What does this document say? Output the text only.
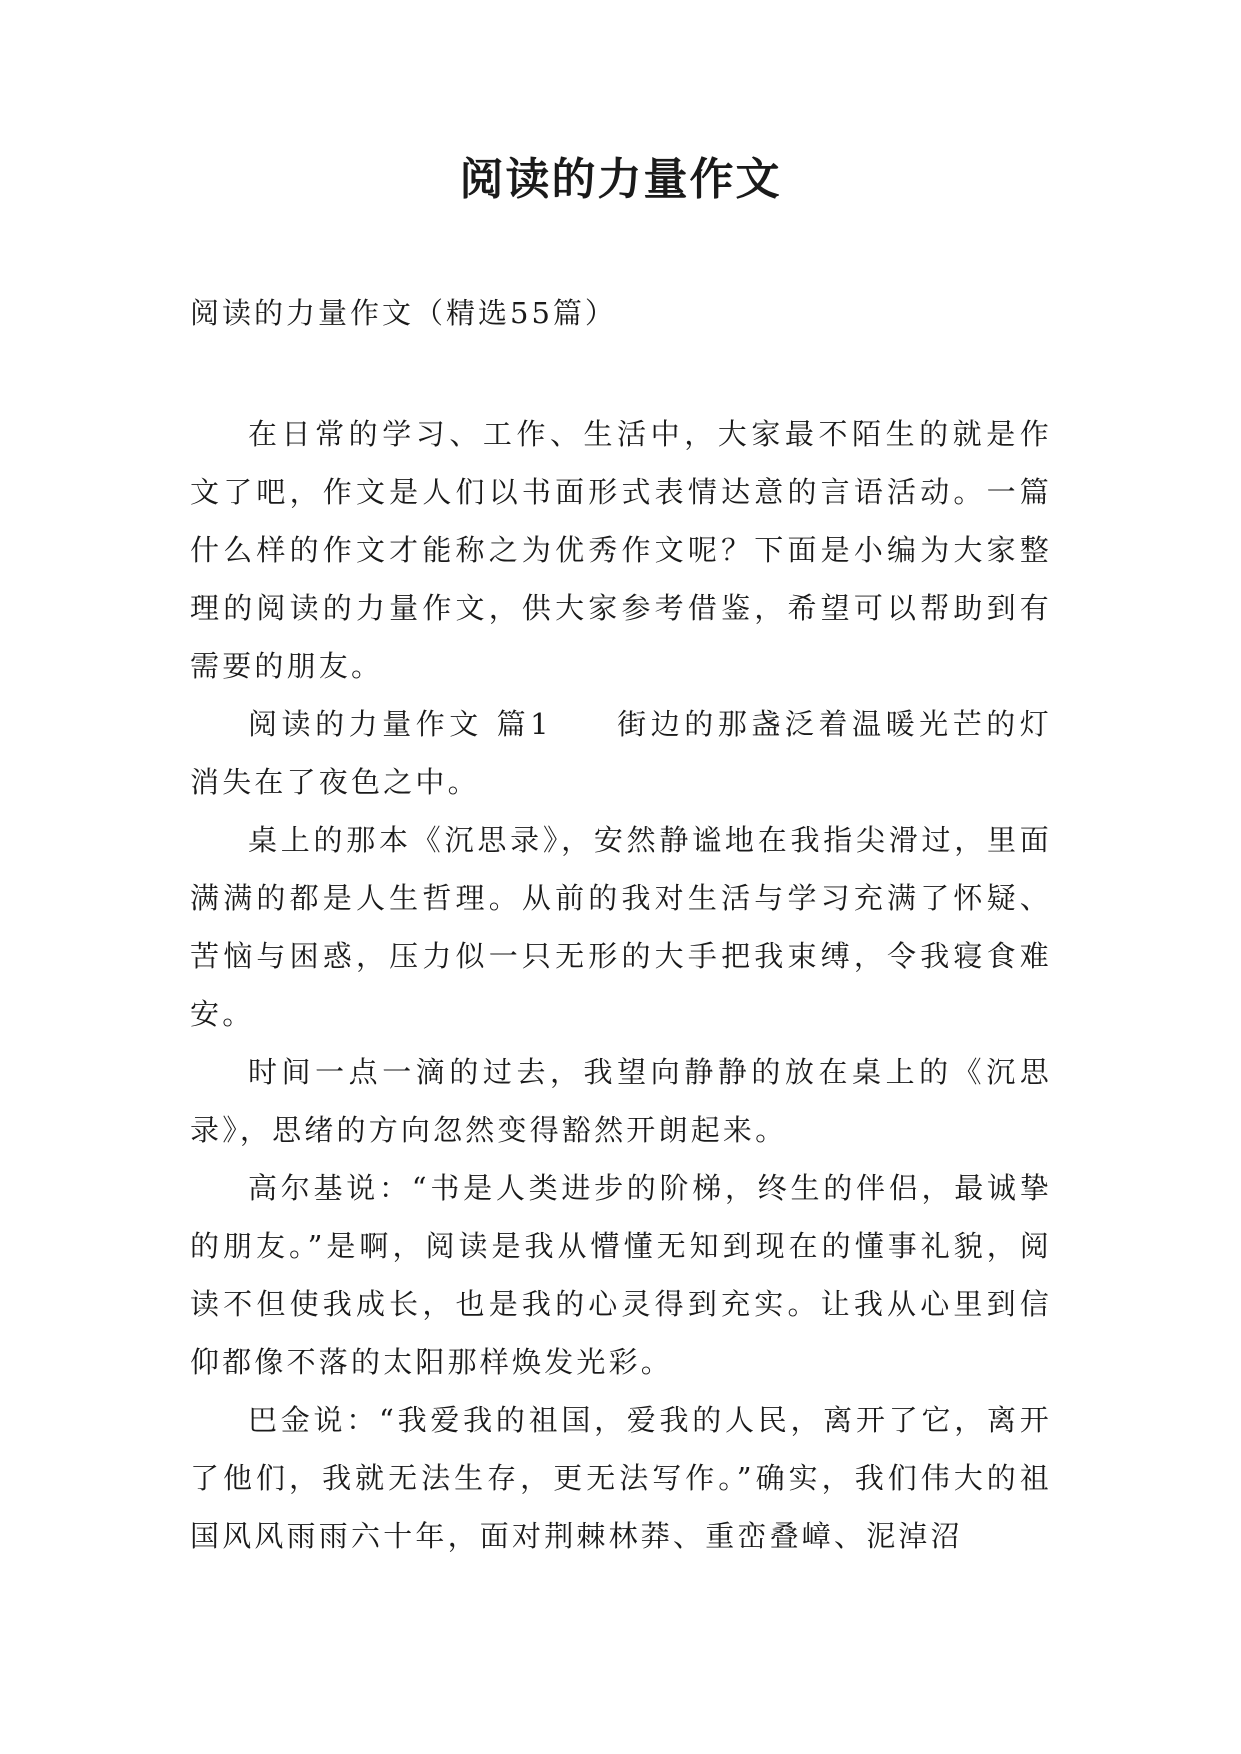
阅读的力量作文
阅读的力量作文（精选55篇）

在日常的学习、工作、生活中，大家最不陌生的就是作文了吧，作文是人们以书面形式表情达意的言语活动。一篇什么样的作文才能称之为优秀作文呢？下面是小编为大家整理的阅读的力量作文，供大家参考借鉴，希望可以帮助到有需要的朋友。

阅读的力量作文 篇1 街边的那盏泛着温暖光芒的灯消失在了夜色之中。

桌上的那本《沉思录》，安然静谧地在我指尖滑过，里面满满的都是人生哲理。从前的我对生活与学习充满了怀疑、苦恼与困惑，压力似一只无形的大手把我束缚，令我寝食难安。

时间一点一滴的过去，我望向静静的放在桌上的《沉思录》，思绪的方向忽然变得豁然开朗起来。

高尔基说：“书是人类进步的阶梯，终生的伴侣，最诚挚的朋友。”是啊，阅读是我从懵懂无知到现在的懂事礼貌，阅读不但使我成长，也是我的心灵得到充实。让我从心里到信仰都像不落的太阳那样焕发光彩。

巴金说：“我爱我的祖国，爱我的人民，离开了它，离开了他们，我就无法生存，更无法写作。”确实，我们伟大的祖国风风雨雨六十年，面对荆棘林莽、重峦叠嶂、泥淖沼
